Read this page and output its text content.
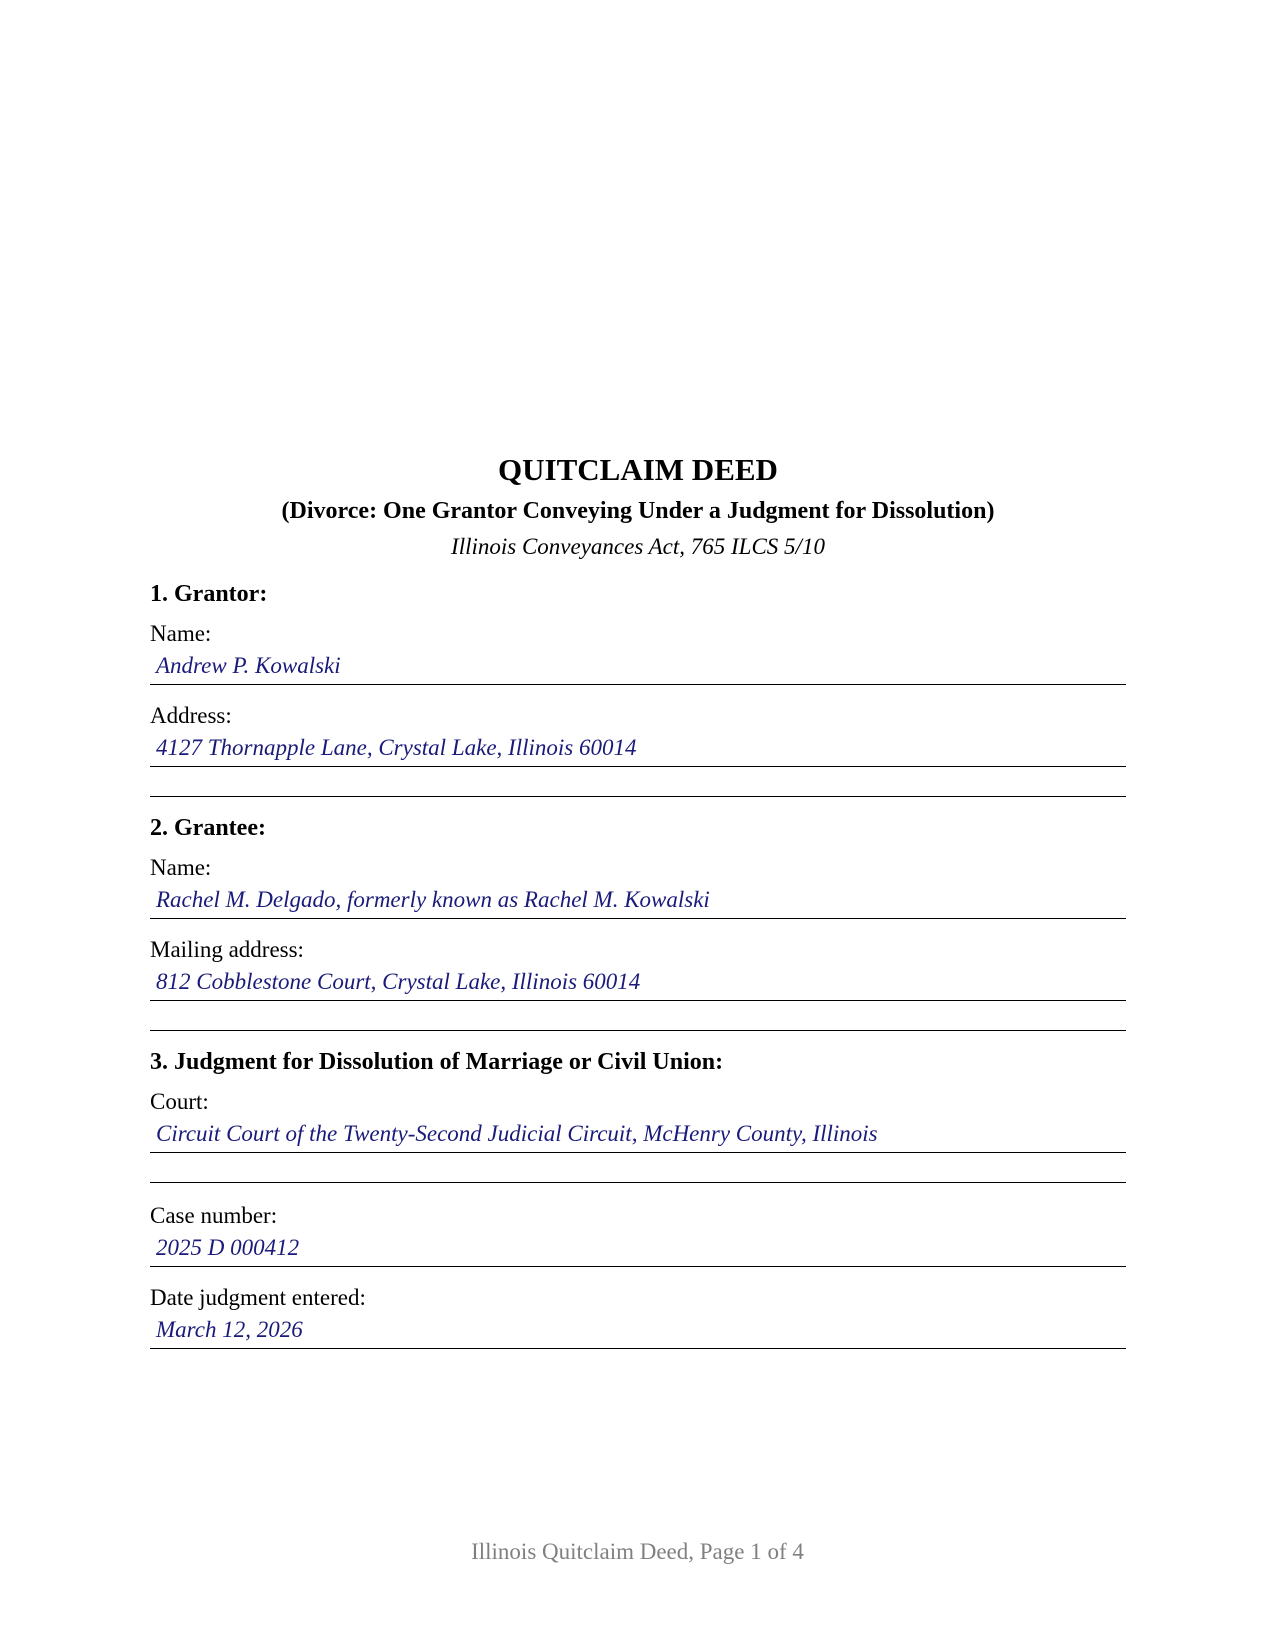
QUITCLAIM DEED

(Divorce: One Grantor Conveying Under a Judgment for Dissolution)

Illinois Conveyances Act, 765 ILCS 5/10

1. Grantor:

Name:

Andrew P. Kowalski

Address:

4127 Thornapple Lane, Crystal Lake, Illinois 60014

2. Grantee:

Name:

Rachel M. Delgado, formerly known as Rachel M. Kowalski

Mailing address:

812 Cobblestone Court, Crystal Lake, Illinois 60014

3. Judgment for Dissolution of Marriage or Civil Union:

Court:

Circuit Court of the Twenty-Second Judicial Circuit, McHenry County, Illinois

Case number:

2025 D 000412

Date judgment entered:

March 12, 2026
Illinois Quitclaim Deed, Page 1 of 4
